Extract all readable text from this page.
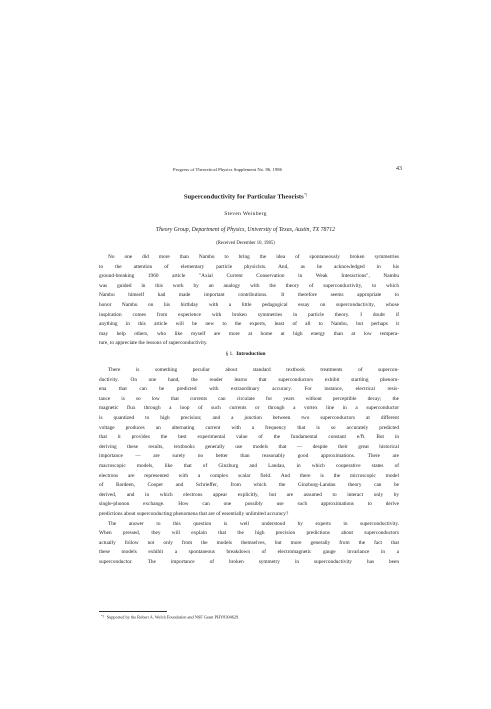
Progress of Theoretical Physics Supplement No. 86, 1986	43
Superconductivity for Particular Theorists*)
Steven Weinberg
Theory Group, Department of Physics, University of Texas, Austin, TX 78712
(Received December 10, 1985)
No one did more than Nambu to bring the idea of spontaneously broken symmetries
to the attention of elementary particle physicists. And, as he acknowledged in his
ground-breaking 1960 article "Axial Current Conservation in Weak Interactions", Nambu
was guided in this work by an analogy with the theory of superconductivity, to which
Nambu himself had made important contributions. It therefore seems appropriate to
honor Nambu on his birthday with a little pedagogical essay on superconductivity, whose
inspiration comes from experience with broken symmetries in particle theory. I doubt if
anything in this article will be new to the experts, least of all to Nambu, but perhaps it
may help others, who like myself are more at home at high energy than at low tempera-
ture, to appreciate the lessons of superconductivity.
§ 1. Introduction
There is something peculiar about standard textbook treatments of supercon-
ductivity. On one hand, the reader learns that superconductors exhibit startling phenom-
ena that can be predicted with extraordinary accuracy. For instance, electrical resis-
tance is so low that currents can circulate for years without perceptible decay; the
magnetic flux through a loop of such currents or through a vortex line in a superconductor
is quantized to high precision; and a junction between two superconductors at different
voltage produces an alternating current with a frequency that is so accurately predicted
that it provides the best experimental value of the fundamental constant e/ℏ. But in
deriving these results, textbooks generally use models that — despite their great historical
importance — are surely no better than reasonably good approximations. There are
macroscopic models, like that of Ginzburg and Landau, in which cooperative states of
electrons are represented with a complex scalar field. And there is the microscopic model
of Bardeen, Cooper and Schrieffer, from which the Ginzburg-Landau theory can be
derived, and in which electrons appear explicitly, but are assumed to interact only by
single-phonon exchange. How can one possibly use such approximations to derive
predictions about superconducting phenomena that are of essentially unlimited accuracy?
The answer to this question is well understood by experts in superconductivity.
When pressed, they will explain that the high precision predictions about superconductors
actually follow not only from the models themselves, but more generally from the fact that
these models exhibit a spontaneous breakdown of electromagnetic gauge invariance in a
superconductor. The importance of broken symmetry in superconductivity has been
*) Supported by the Robert A. Welch Foundation and NSF Grant PHY8304629.
